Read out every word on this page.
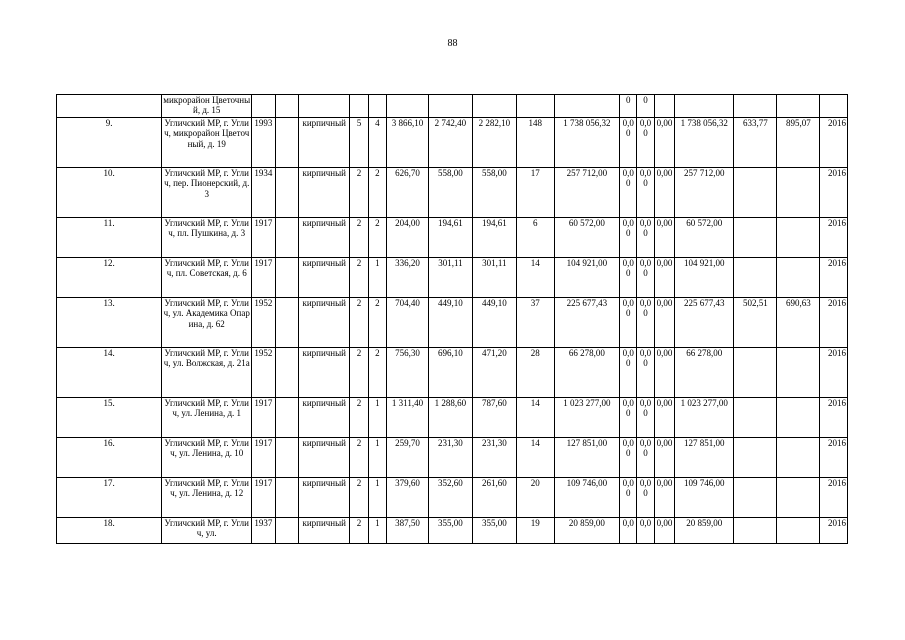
88
	микрорайон Цветочный, д. 15											0	0					
9.	Угличский МР, г. Углич, микрорайон Цветочный, д. 19	1993		кирпичный	5	4	3 866,10	2 742,40	2 282,10	148	1 738 056,32	0,00	0,00	0,00	1 738 056,32	633,77	895,07	2016
10.	Угличский МР, г. Углич, пер. Пионерский, д. 3	1934		кирпичный	2	2	626,70	558,00	558,00	17	257 712,00	0,00	0,00	0,00	257 712,00			2016
11.	Угличский МР, г. Углич, пл. Пушкина, д. 3	1917		кирпичный	2	2	204,00	194,61	194,61	6	60 572,00	0,00	0,00	0,00	60 572,00			2016
12.	Угличский МР, г. Углич, пл. Советская, д. 6	1917		кирпичный	2	1	336,20	301,11	301,11	14	104 921,00	0,00	0,00	0,00	104 921,00			2016
13.	Угличский МР, г. Углич, ул. Академика Опарина, д. 62	1952		кирпичный	2	2	704,40	449,10	449,10	37	225 677,43	0,00	0,00	0,00	225 677,43	502,51	690,63	2016
14.	Угличский МР, г. Углич, ул. Волжская, д. 21а	1952		кирпичный	2	2	756,30	696,10	471,20	28	66 278,00	0,00	0,00	0,00	66 278,00			2016
15.	Угличский МР, г. Углич, ул. Ленина, д. 1	1917		кирпичный	2	1	1 311,40	1 288,60	787,60	14	1 023 277,00	0,00	0,00	0,00	1 023 277,00			2016
16.	Угличский МР, г. Углич, ул. Ленина, д. 10	1917		кирпичный	2	1	259,70	231,30	231,30	14	127 851,00	0,00	0,00	0,00	127 851,00			2016
17.	Угличский МР, г. Углич, ул. Ленина, д. 12	1917		кирпичный	2	1	379,60	352,60	261,60	20	109 746,00	0,00	0,00	0,00	109 746,00			2016
18.	Угличский МР, г. Углич, ул.	1937		кирпичный	2	1	387,50	355,00	355,00	19	20 859,00	0,0	0,0	0,00	20 859,00			2016
